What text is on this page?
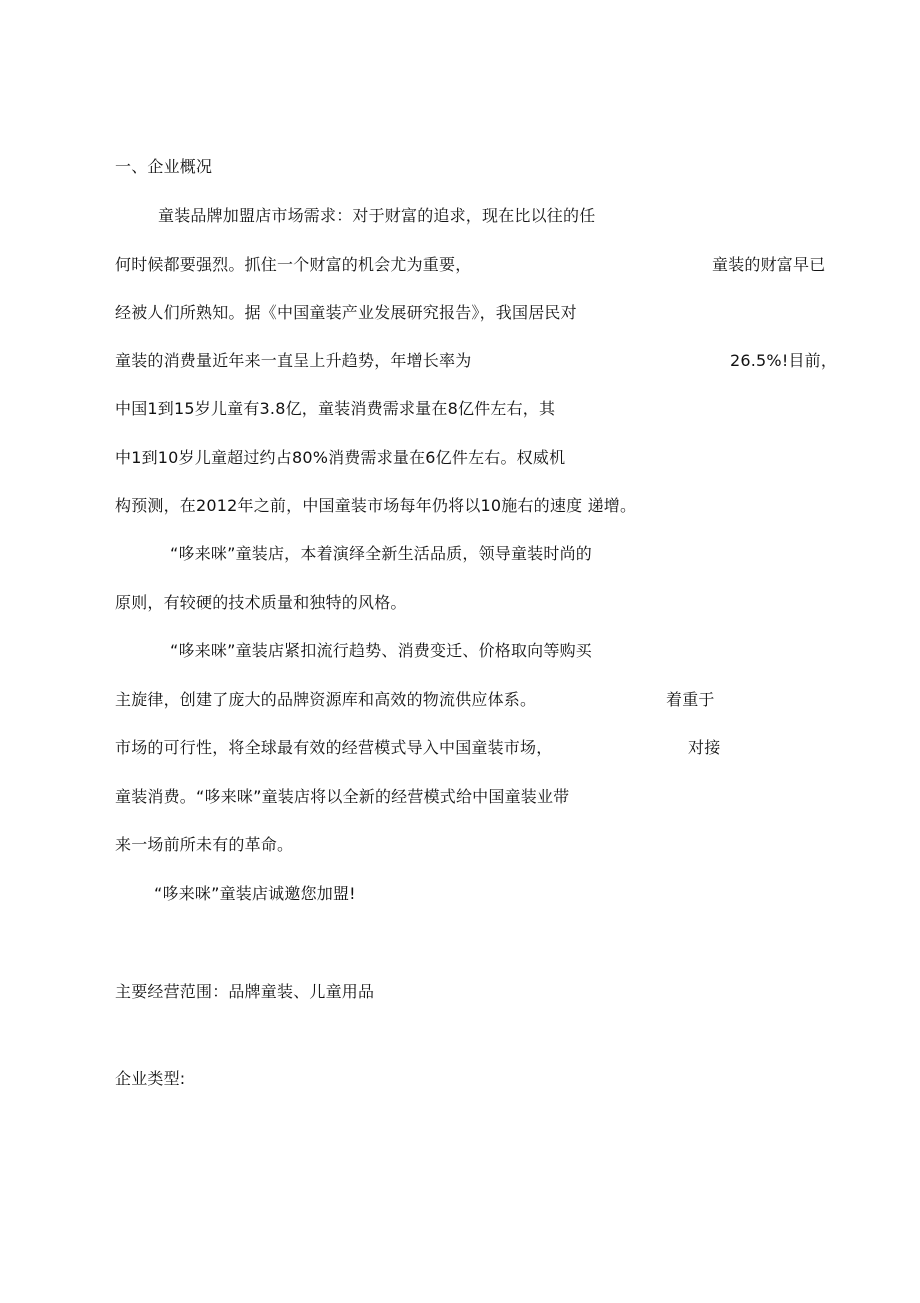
一、企业概况
童装品牌加盟店市场需求：对于财富的追求，现在比以往的任
何时候都要强烈。抓住一个财富的机会尤为重要，	童装的财富早已
经被人们所熟知。据《中国童装产业发展研究报告》，我国居民对
童装的消费量近年来一直呈上升趋势，年增长率为	26.5%!目前，
中国1到15岁儿童有3.8亿，童装消费需求量在8亿件左右，其
中1到10岁儿童超过约占80%消费需求量在6亿件左右。权威机
构预测，在2012年之前，中国童装市场每年仍将以10施右的速度 递增。
“哆来咪”童装店，本着演绎全新生活品质，领导童装时尚的
原则，有较硬的技术质量和独特的风格。
“哆来咪”童装店紧扣流行趋势、消费变迁、价格取向等购买
主旋律，创建了庞大的品牌资源库和高效的物流供应体系。	着重于
市场的可行性，将全球最有效的经营模式导入中国童装市场，	对接
童装消费。“哆来咪”童装店将以全新的经营模式给中国童装业带
来一场前所未有的革命。
“哆来咪”童装店诚邀您加盟!
主要经营范围：品牌童装、儿童用品
企业类型:
